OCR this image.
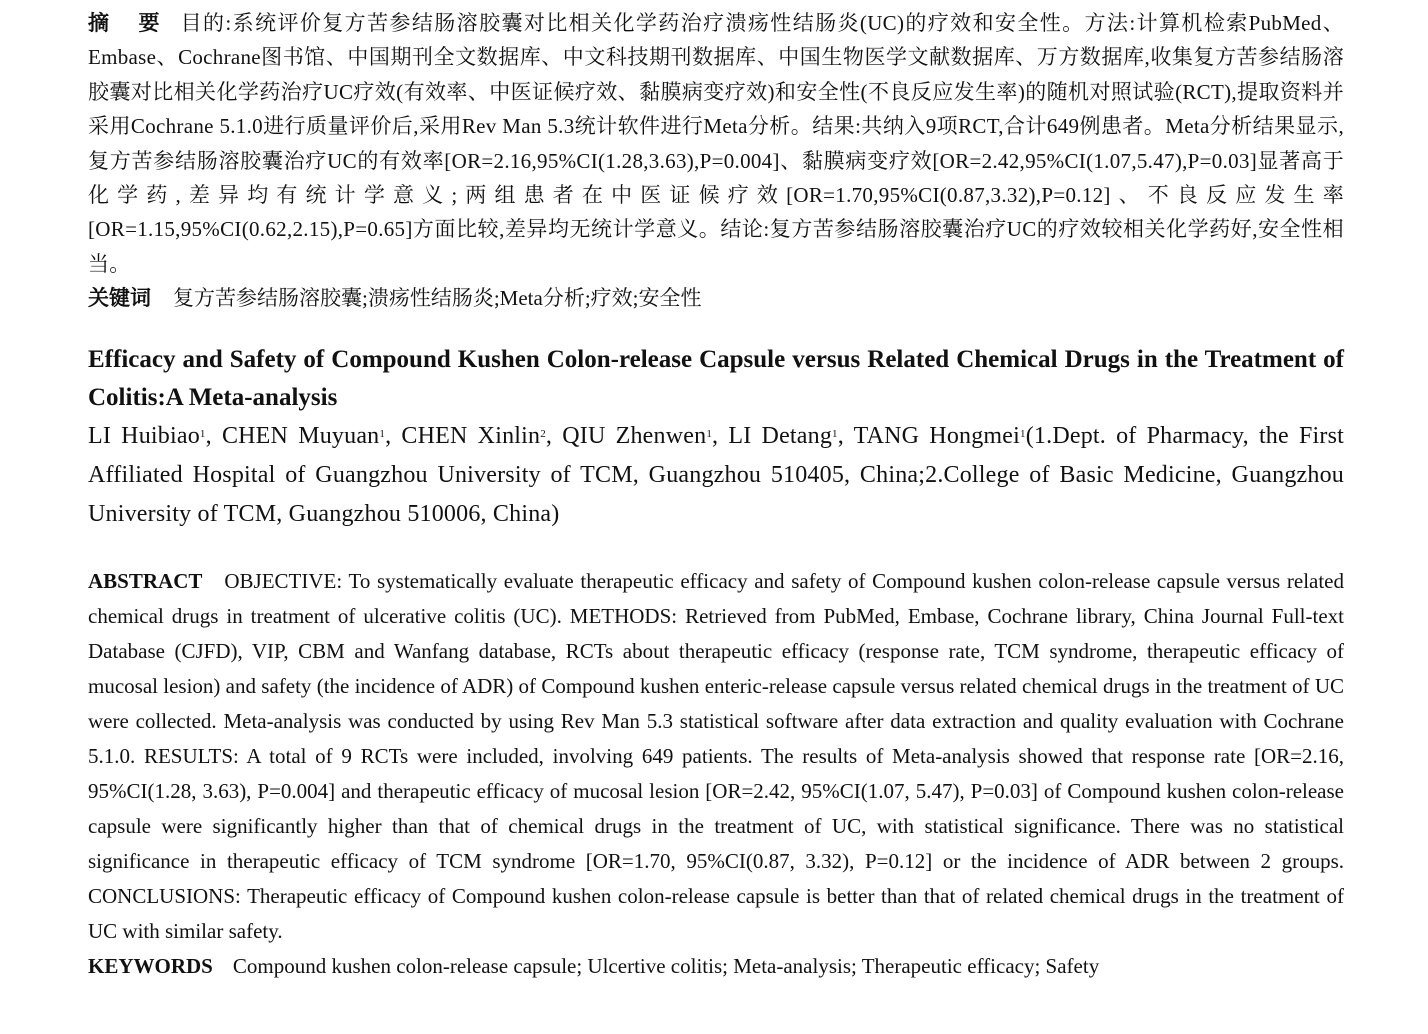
摘 要 目的:系统评价复方苦参结肠溶胶囊对比相关化学药治疗溃疡性结肠炎(UC)的疗效和安全性。方法:计算机检索PubMed、Embase、Cochrane图书馆、中国期刊全文数据库、中文科技期刊数据库、中国生物医学文献数据库、万方数据库,收集复方苦参结肠溶胶囊对比相关化学药治疗UC疗效(有效率、中医证候疗效、黏膜病变疗效)和安全性(不良反应发生率)的随机对照试验(RCT),提取资料并采用Cochrane 5.1.0进行质量评价后,采用Rev Man 5.3统计软件进行Meta分析。结果:共纳入9项RCT,合计649例患者。Meta分析结果显示,复方苦参结肠溶胶囊治疗UC的有效率[OR=2.16,95%CI(1.28,3.63),P=0.004]、黏膜病变疗效[OR=2.42,95%CI(1.07,5.47),P=0.03]显著高于化学药,差异均有统计学意义;两组患者在中医证候疗效[OR=1.70,95%CI(0.87,3.32),P=0.12]、不良反应发生率[OR=1.15,95%CI(0.62,2.15),P=0.65]方面比较,差异均无统计学意义。结论:复方苦参结肠溶胶囊治疗UC的疗效较相关化学药好,安全性相当。
关键词 复方苦参结肠溶胶囊;溃疡性结肠炎;Meta分析;疗效;安全性
Efficacy and Safety of Compound Kushen Colon-release Capsule versus Related Chemical Drugs in the Treatment of Colitis:A Meta-analysis
LI Huibiao$^1$, CHEN Muyuan$^1$, CHEN Xinlin$^2$, QIU Zhenwen$^1$, LI Detang$^1$, TANG Hongmei$^1$(1.Dept. of Pharmacy, the First Affiliated Hospital of Guangzhou University of TCM, Guangzhou 510405, China;2.College of Basic Medicine, Guangzhou University of TCM, Guangzhou 510006, China)
ABSTRACT OBJECTIVE: To systematically evaluate therapeutic efficacy and safety of Compound kushen colon-release capsule versus related chemical drugs in treatment of ulcerative colitis (UC). METHODS: Retrieved from PubMed, Embase, Cochrane library, China Journal Full-text Database (CJFD), VIP, CBM and Wanfang database, RCTs about therapeutic efficacy (response rate, TCM syndrome, therapeutic efficacy of mucosal lesion) and safety (the incidence of ADR) of Compound kushen enteric-release capsule versus related chemical drugs in the treatment of UC were collected. Meta-analysis was conducted by using Rev Man 5.3 statistical software after data extraction and quality evaluation with Cochrane 5.1.0. RESULTS: A total of 9 RCTs were included, involving 649 patients. The results of Meta-analysis showed that response rate [OR=2.16, 95%CI(1.28, 3.63), P=0.004] and therapeutic efficacy of mucosal lesion [OR=2.42, 95%CI(1.07, 5.47), P=0.03] of Compound kushen colon-release capsule were significantly higher than that of chemical drugs in the treatment of UC, with statistical significance. There was no statistical significance in therapeutic efficacy of TCM syndrome [OR=1.70, 95%CI(0.87, 3.32), P=0.12] or the incidence of ADR between 2 groups. CONCLUSIONS: Therapeutic efficacy of Compound kushen colon-release capsule is better than that of related chemical drugs in the treatment of UC with similar safety.
KEYWORDS Compound kushen colon-release capsule; Ulcertive colitis; Meta-analysis; Therapeutic efficacy; Safety
